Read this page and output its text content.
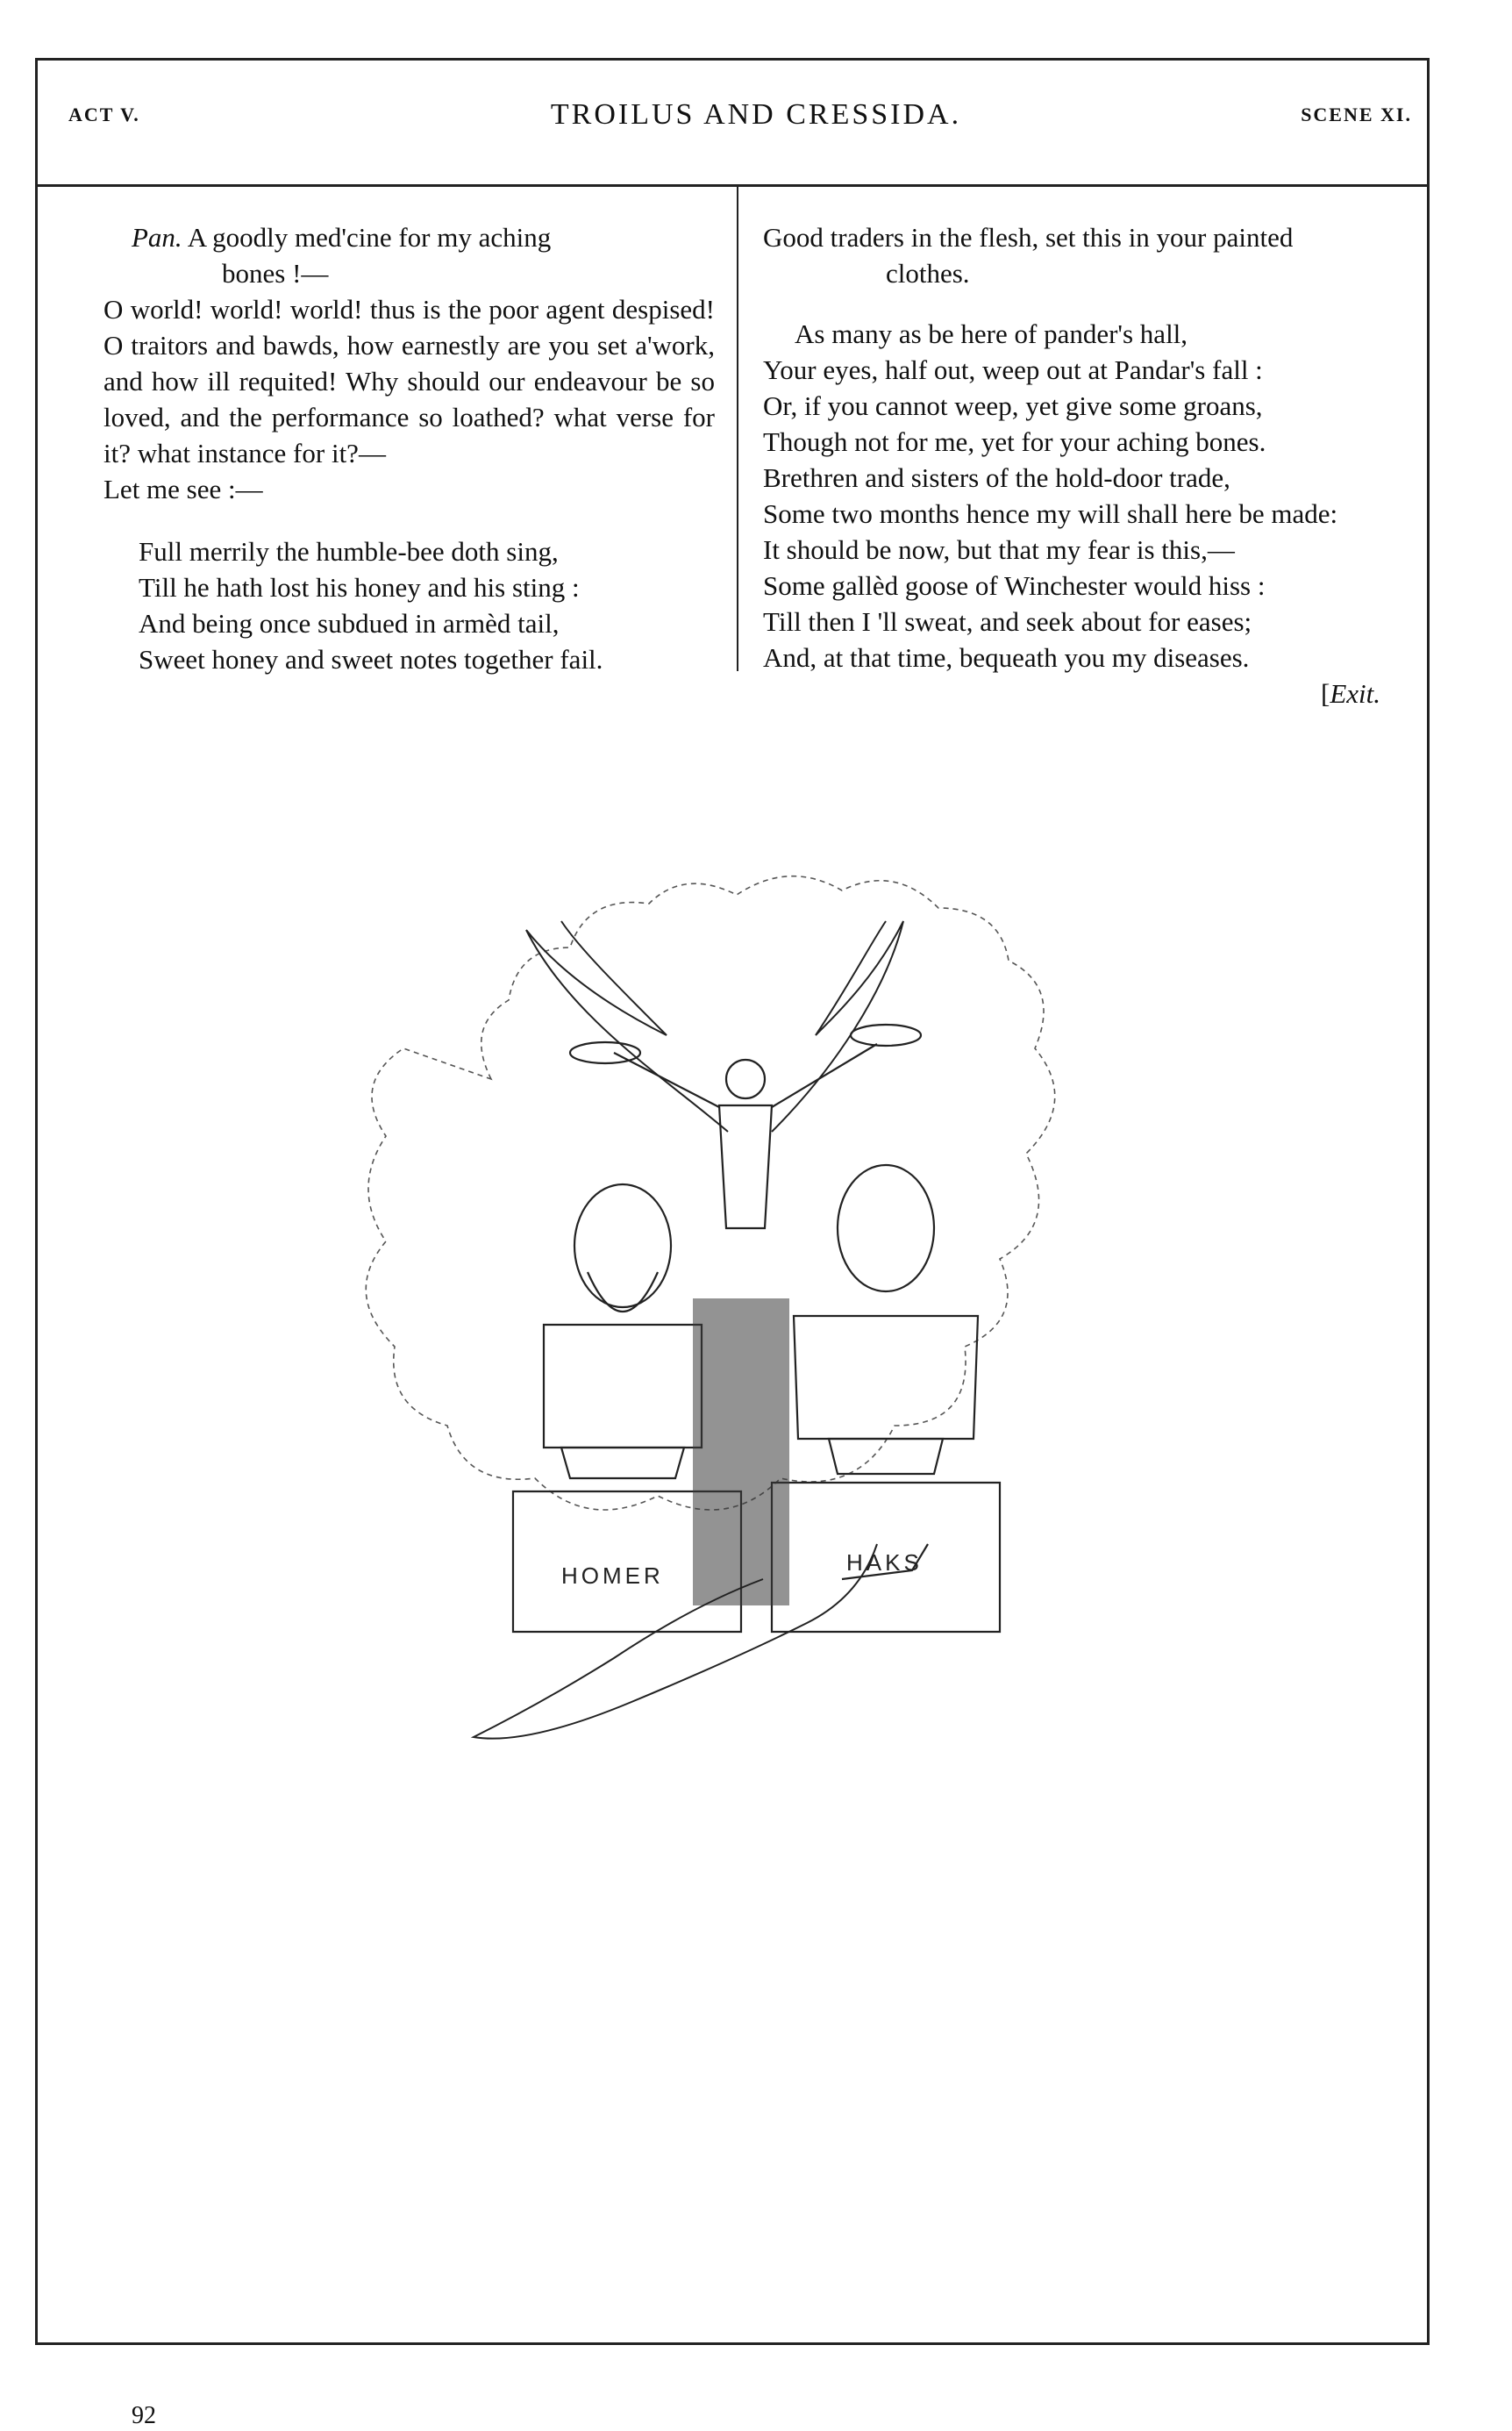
ACT V.	TROILUS AND CRESSIDA.	SCENE XI.

Pan. A goodly med'cine for my aching

bones !—

O world! world! world! thus is the poor agent despised! O traitors and bawds, how earnestly are you set a'work, and how ill requited! Why should our endeavour be so loved, and the performance so loathed? what verse for it? what instance for it?—

Let me see :—

Full merrily the humble-bee doth sing,

Till he hath lost his honey and his sting :

And being once subdued in armèd tail,

Sweet honey and sweet notes together fail.

Good traders in the flesh, set this in your painted

clothes.

As many as be here of pander's hall,

Your eyes, half out, weep out at Pandar's fall :

Or, if you cannot weep, yet give some groans,

Though not for me, yet for your aching bones.

Brethren and sisters of the hold-door trade,

Some two months hence my will shall here be made:

It should be now, but that my fear is this,—

Some gallèd goose of Winchester would hiss :

Till then I 'll sweat, and seek about for eases;

And, at that time, bequeath you my diseases.

[Exit.

HOMER	HAKS
92
